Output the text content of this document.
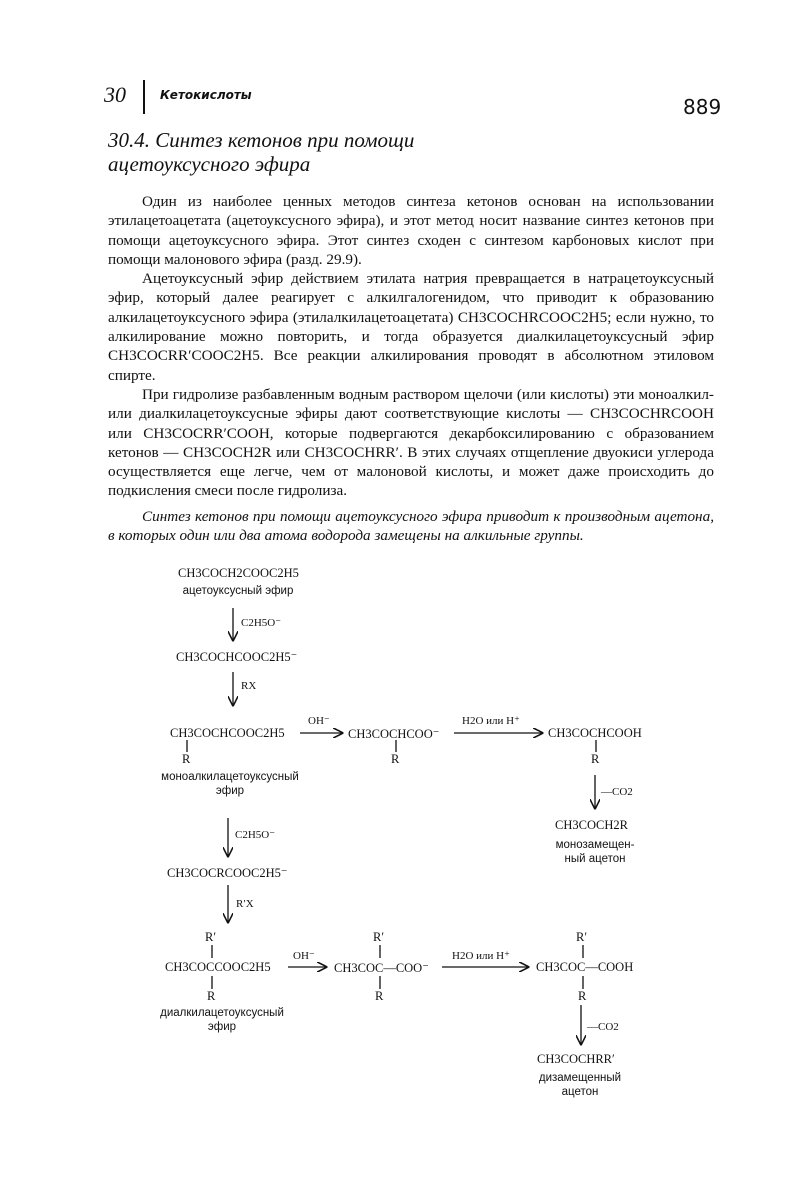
30	Кетокислоты	889
30.4. Синтез кетонов при помощи
ацетоуксусного эфира

Один из наиболее ценных методов синтеза кетонов основан на использовании этилацетоацетата (ацетоуксусного эфира), и этот метод носит название синтез кетонов при помощи ацетоуксусного эфира. Этот синтез сходен с синтезом карбоновых кислот при помощи малонового эфира (разд. 29.9).

Ацетоуксусный эфир действием этилата натрия превращается в натрацетоуксусный эфир, который далее реагирует с алкилгалогенидом, что приводит к образованию алкилацетоуксусного эфира (этилалкилацетоацетата) CH3COCHRCOOC2H5; если нужно, то алкилирование можно повторить, и тогда образуется диалкилацетоуксусный эфир CH3COCRR′COOC2H5. Все реакции алкилирования проводят в абсолютном этиловом спирте.

При гидролизе разбавленным водным раствором щелочи (или кислоты) эти моноалкил- или диалкилацетоуксусные эфиры дают соответствующие кислоты — CH3COCHRCOOH или CH3COCRR′COOH, которые подвергаются декарбоксилированию с образованием кетонов — CH3COCH2R или CH3COCHRR′. В этих случаях отщепление двуокиси углерода осуществляется еще легче, чем от малоновой кислоты, и может даже происходить до подкисления смеси после гидролиза.

Синтез кетонов при помощи ацетоуксусного эфира приводит к производным ацетона, в которых один или два атома водорода замещены на алкильные группы.

CH3COCH2COOC2H5
ацетоуксусный эфир
C2H5O⁻
CH3COCHCOOC2H5⁻
RX
CH3COCHCOOC2H5
R
моноалкилацетоуксусный
эфир
OH⁻
CH3COCHCOO⁻
R
H2O или H⁺
CH3COCHCOOH
R
—CO2
CH3COCH2R
монозамещен-
ный ацетон
C2H5O⁻
CH3COCRCOOC2H5⁻
R′X
R′
CH3COCCOOC2H5
R
диалкилацетоуксусный
эфир
OH⁻
R′
CH3COC—COO⁻
R
H2O или H⁺
R′
CH3COC—COOH
R
—CO2
CH3COCHRR′
дизамещенный
ацетон
